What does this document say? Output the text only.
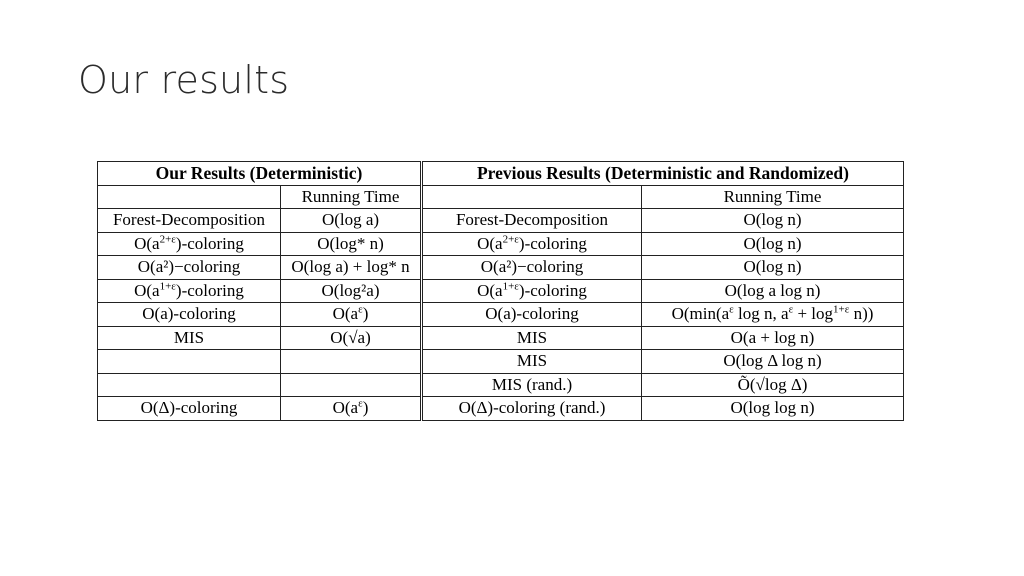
Our results
Our Results (Deterministic)		Previous Results (Deterministic and Randomized)	
	Running Time		Running Time
Forest-Decomposition	O(log a)	Forest-Decomposition	O(log n)
$O(a^{2+\varepsilon})$-coloring	O(log* n)	$O(a^{2+\varepsilon})$-coloring	O(log n)
O(a²)−coloring	O(log a) + log* n	O(a²)−coloring	O(log n)
$O(a^{1+\varepsilon})$-coloring	O(log²a)	$O(a^{1+\varepsilon})$-coloring	O(log a log n)
O(a)-coloring	$O(a^\varepsilon)$	O(a)-coloring	$O(\min(a^\varepsilon$ log n, $a^\varepsilon + \log^{1+\varepsilon} n$))
MIS	O(√a)	MIS	O(a + log n)
		MIS	O(log Δ log n)
		MIS (rand.)	Õ(√log Δ)
O(Δ)-coloring	$O(a^\varepsilon)$	O(Δ)-coloring (rand.)	O(log log n)
